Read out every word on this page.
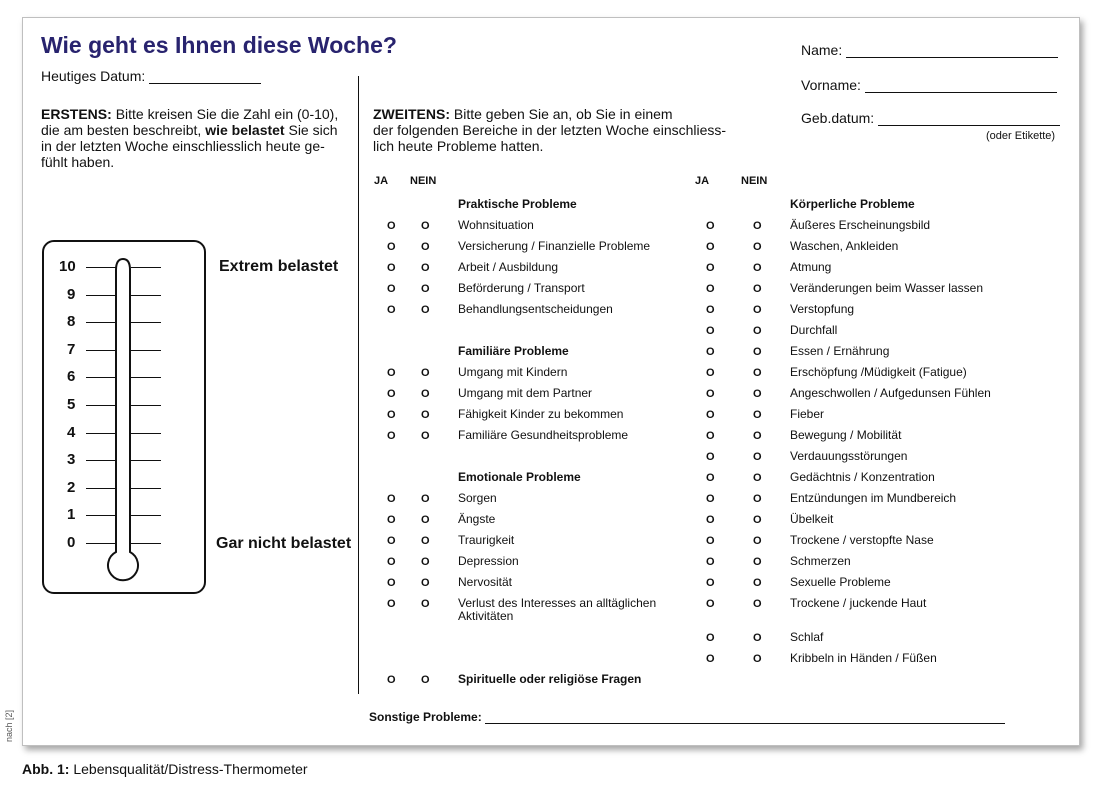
Wie geht es Ihnen diese Woche?
Heutiges Datum:
Name:
Vorname:
Geb.datum:
(oder Etikette)
ERSTENS: Bitte kreisen Sie die Zahl ein (0-10),
die am besten beschreibt, wie belastet Sie sich
in der letzten Woche einschliesslich heute ge-
fühlt haben.
ZWEITENS: Bitte geben Sie an, ob Sie in einem
der folgenden Bereiche in der letzten Woche einschliess-
lich heute Probleme hatten.
10
9
8
7
6
5
4
3
2
1
0
Extrem belastet
Gar nicht belastet
JA NEIN	JA	NEIN
Praktische Probleme
O O Wohnsituation
O O Versicherung / Finanzielle Probleme
O O Arbeit / Ausbildung
O O Beförderung / Transport
O O Behandlungsentscheidungen
Familiäre Probleme
O O Umgang mit Kindern
O O Umgang mit dem Partner
O O Fähigkeit Kinder zu bekommen
O O Familiäre Gesundheitsprobleme
Emotionale Probleme
O O Sorgen
O O Ängste
O O Traurigkeit
O O Depression
O O Nervosität
O O Verlust des Interesses an alltäglichen
Aktivitäten
O O Spirituelle oder religiöse Fragen
Körperliche Probleme
O	O Äußeres Erscheinungsbild
O	O Waschen, Ankleiden
O	O Atmung
O	O Veränderungen beim Wasser lassen
O	O Verstopfung
O	O Durchfall
O	O Essen / Ernährung
O	O Erschöpfung /Müdigkeit (Fatigue)
O	O Angeschwollen / Aufgedunsen Fühlen
O	O Fieber
O	O Bewegung / Mobilität
O	O Verdauungsstörungen
O	O Gedächtnis / Konzentration
O	O Entzündungen im Mundbereich
O	O Übelkeit
O	O Trockene / verstopfte Nase
O	O Schmerzen
O	O Sexuelle Probleme
O	O Trockene / juckende Haut
O	O Schlaf
O	O Kribbeln in Händen / Füßen
Sonstige Probleme:
Abb. 1: Lebensqualität/Distress-Thermometer
nach [2]
